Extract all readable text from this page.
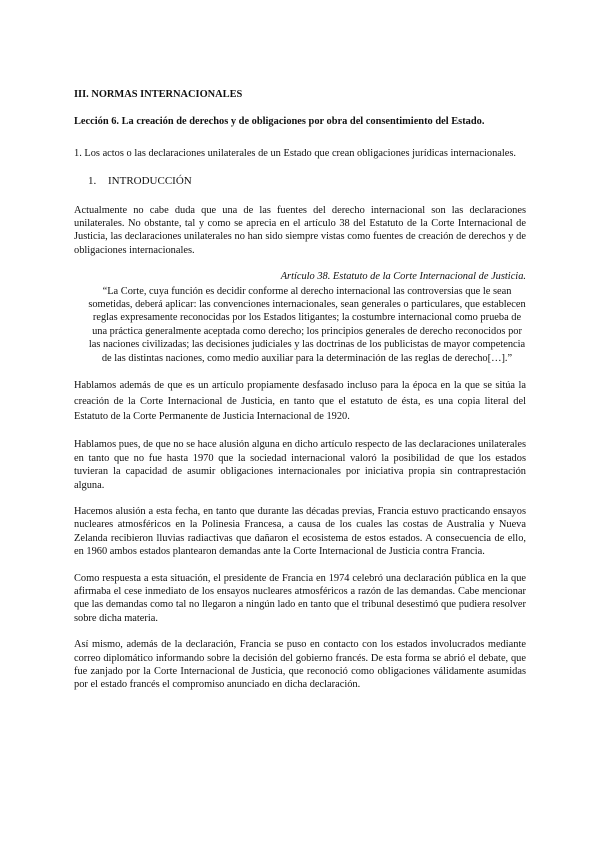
III. NORMAS INTERNACIONALES
Lección 6. La creación de derechos y de obligaciones por obra del consentimiento del Estado.
1. Los actos o las declaraciones unilaterales de un Estado que crean obligaciones jurídicas internacionales.
1. INTRODUCCIÓN

Actualmente no cabe duda que una de las fuentes del derecho internacional son las declaraciones unilaterales. No obstante, tal y como se aprecia en el artículo 38 del Estatuto de la Corte Internacional de Justicia, las declaraciones unilaterales no han sido siempre vistas como fuentes de creación de derechos y de obligaciones internacionales.

Artículo 38. Estatuto de la Corte Internacional de Justicia.
“La Corte, cuya función es decidir conforme al derecho internacional las controversias que le sean sometidas, deberá aplicar: las convenciones internacionales, sean generales o particulares, que establecen reglas expresamente reconocidas por los Estados litigantes; la costumbre internacional como prueba de una práctica generalmente aceptada como derecho; los principios generales de derecho reconocidos por las naciones civilizadas; las decisiones judiciales y las doctrinas de los publicistas de mayor competencia de las distintas naciones, como medio auxiliar para la determinación de las reglas de derecho[…].”

Hablamos además de que es un artículo propiamente desfasado incluso para la época en la que se sitúa la creación de la Corte Internacional de Justicia, en tanto que el estatuto de ésta, es una copia literal del Estatuto de la Corte Permanente de Justicia Internacional de 1920.

Hablamos pues, de que no se hace alusión alguna en dicho artículo respecto de las declaraciones unilaterales en tanto que no fue hasta 1970 que la sociedad internacional valoró la posibilidad de que los estados tuvieran la capacidad de asumir obligaciones internacionales por iniciativa propia sin contraprestación alguna.

Hacemos alusión a esta fecha, en tanto que durante las décadas previas, Francia estuvo practicando ensayos nucleares atmosféricos en la Polinesia Francesa, a causa de los cuales las costas de Australia y Nueva Zelanda recibieron lluvias radiactivas que dañaron el ecosistema de estos estados. A consecuencia de ello, en 1960 ambos estados plantearon demandas ante la Corte Internacional de Justicia contra Francia.

Como respuesta a esta situación, el presidente de Francia en 1974 celebró una declaración pública en la que afirmaba el cese inmediato de los ensayos nucleares atmosféricos a razón de las demandas. Cabe mencionar que las demandas como tal no llegaron a ningún lado en tanto que el tribunal desestimó que pudiera resolver sobre dicha materia.

Así mismo, además de la declaración, Francia se puso en contacto con los estados involucrados mediante correo diplomático informando sobre la decisión del gobierno francés. De esta forma se abrió el debate, que fue zanjado por la Corte Internacional de Justicia, que reconoció como obligaciones válidamente asumidas por el estado francés el compromiso anunciado en dicha declaración.
